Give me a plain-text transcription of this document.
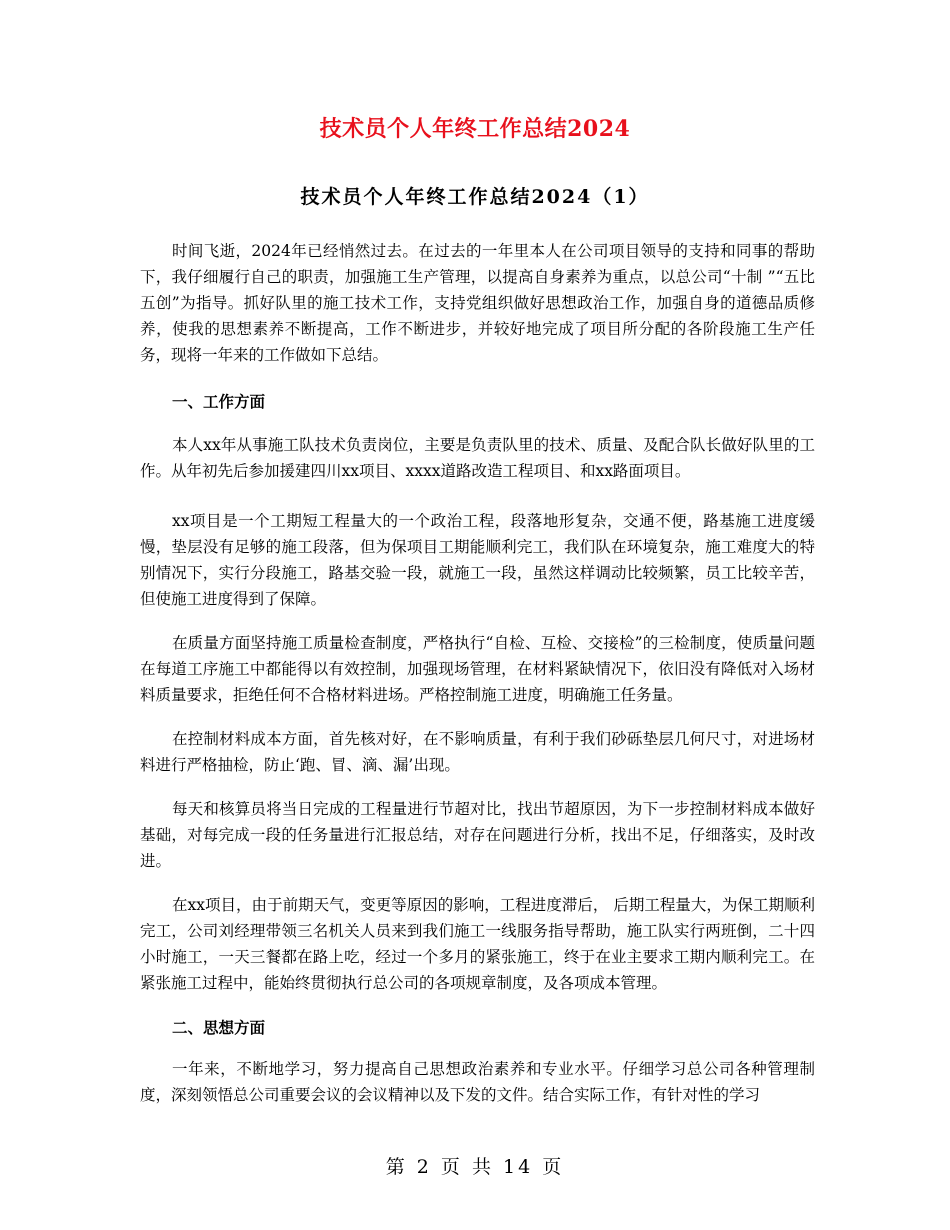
技术员个人年终工作总结2024
技术员个人年终工作总结2024（1）

时间飞逝，2024年已经悄然过去。在过去的一年里本人在公司项目领导的支持和同事的帮助下，我仔细履行自己的职责，加强施工生产管理，以提高自身素养为重点，以总公司“十制 ”“五比五创”为指导。抓好队里的施工技术工作，支持党组织做好思想政治工作，加强自身的道德品质修养，使我的思想素养不断提高，工作不断进步，并较好地完成了项目所分配的各阶段施工生产任务，现将一年来的工作做如下总结。

一、工作方面

本人xx年从事施工队技术负责岗位，主要是负责队里的技术、质量、及配合队长做好队里的工作。从年初先后参加援建四川xx项目、xxxx道路改造工程项目、和xx路面项目。

xx项目是一个工期短工程量大的一个政治工程，段落地形复杂，交通不便，路基施工进度缓慢，垫层没有足够的施工段落，但为保项目工期能顺利完工，我们队在环境复杂，施工难度大的特别情况下，实行分段施工，路基交验一段，就施工一段，虽然这样调动比较频繁，员工比较辛苦，但使施工进度得到了保障。

在质量方面坚持施工质量检查制度，严格执行“自检、互检、交接检”的三检制度，使质量问题在每道工序施工中都能得以有效控制，加强现场管理，在材料紧缺情况下，依旧没有降低对入场材料质量要求，拒绝任何不合格材料进场。严格控制施工进度，明确施工任务量。

在控制材料成本方面，首先核对好，在不影响质量，有利于我们砂砾垫层几何尺寸，对进场材料进行严格抽检，防止‘跑、冒、滴、漏’出现。

每天和核算员将当日完成的工程量进行节超对比，找出节超原因，为下一步控制材料成本做好基础，对每完成一段的任务量进行汇报总结，对存在问题进行分析，找出不足，仔细落实，及时改进。

在xx项目，由于前期天气，变更等原因的影响，工程进度滞后， 后期工程量大，为保工期顺利完工，公司刘经理带领三名机关人员来到我们施工一线服务指导帮助，施工队实行两班倒，二十四小时施工，一天三餐都在路上吃，经过一个多月的紧张施工，终于在业主要求工期内顺利完工。在紧张施工过程中，能始终贯彻执行总公司的各项规章制度，及各项成本管理。

二、思想方面

一年来，不断地学习，努力提高自己思想政治素养和专业水平。仔细学习总公司各种管理制度，深刻领悟总公司重要会议的会议精神以及下发的文件。结合实际工作，有针对性的学习

第 2 页 共 14 页
